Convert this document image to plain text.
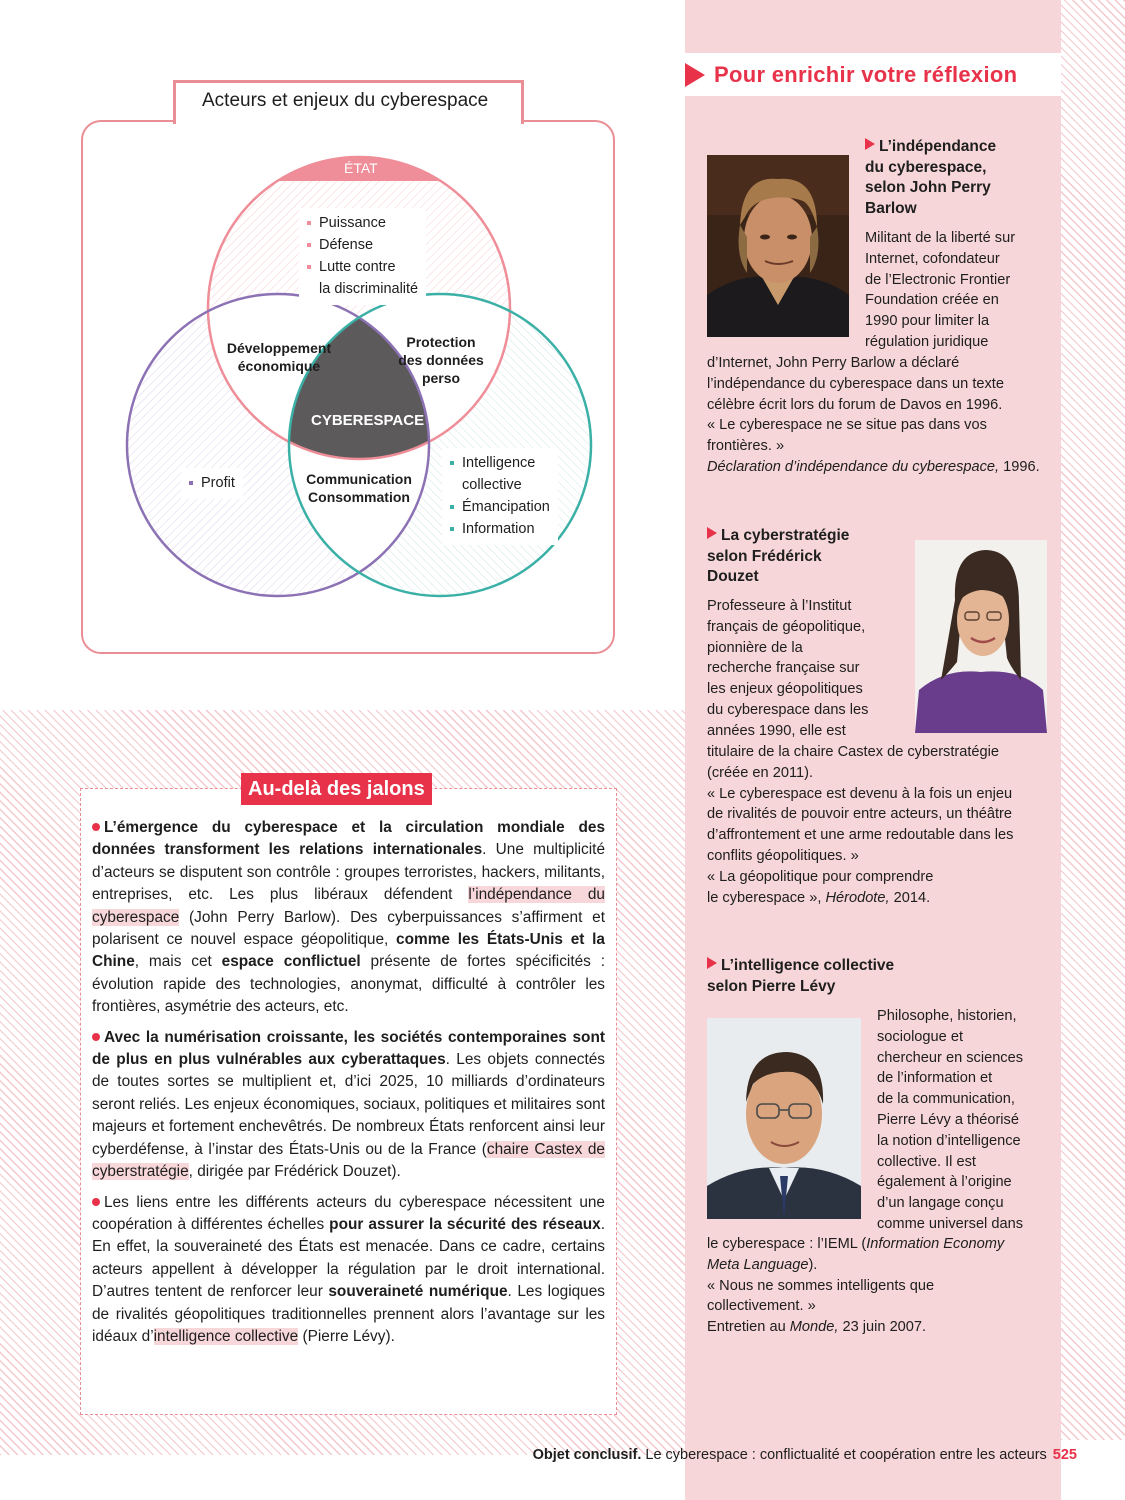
Pour enrichir votre réflexion
L’indépendance
du cyberespace,
selon John Perry
Barlow
Militant de la liberté sur
Internet, cofondateur
de l’Electronic Frontier
Foundation créée en
1990 pour limiter la
régulation juridique
d’Internet, John Perry Barlow a déclaré
l’indépendance du cyberespace dans un texte
célèbre écrit lors du forum de Davos en 1996.
« Le cyberespace ne se situe pas dans vos
frontières. »
Déclaration d’indépendance du cyberespace, 1996.
La cyberstratégie
selon Frédérick
Douzet
Professeure à l’Institut
français de géopolitique,
pionnière de la
recherche française sur
les enjeux géopolitiques
du cyberespace dans les
années 1990, elle est
titulaire de la chaire Castex de cyberstratégie
(créée en 2011).
« Le cyberespace est devenu à la fois un enjeu
de rivalités de pouvoir entre acteurs, un théâtre
d’affrontement et une arme redoutable dans les
conflits géopolitiques. »
« La géopolitique pour comprendre
le cyberespace », Hérodote, 2014.
L’intelligence collective
selon Pierre Lévy
Philosophe, historien,
sociologue et
chercheur en sciences
de l’information et
de la communication,
Pierre Lévy a théorisé
la notion d’intelligence
collective. Il est
également à l’origine
d’un langage conçu
comme universel dans
le cyberespace : l’IEML (Information Economy
Meta Language).
« Nous ne sommes intelligents que
collectivement. »
Entretien au Monde, 23 juin 2007.
Acteurs et enjeux du cyberespace
ÉTAT
ENTREPRISE	INDIVIDU
CYBERESPACE
Puissance
Défense
Lutte contre
la discriminalité
Profit
Intelligence
collective
Émancipation
Information
Développement
économique
Protection
des données
perso
Communication
Consommation
Au-delà des jalons

L’émergence du cyberespace et la circulation mondiale des données transforment les relations internationales. Une multiplicité d’acteurs se disputent son contrôle : groupes terroristes, hackers, militants, entreprises, etc. Les plus libéraux défendent l’indépendance du cyberespace (John Perry Barlow). Des cyberpuissances s’affirment et polarisent ce nouvel espace géopolitique, comme les États-Unis et la Chine, mais cet espace conflictuel présente de fortes spécificités : évolution rapide des technologies, anonymat, difficulté à contrôler les frontières, asymétrie des acteurs, etc.

Avec la numérisation croissante, les sociétés contemporaines sont de plus en plus vulnérables aux cyberattaques. Les objets connectés de toutes sortes se multiplient et, d’ici 2025, 10 milliards d’ordinateurs seront reliés. Les enjeux économiques, sociaux, politiques et militaires sont majeurs et fortement enchevêtrés. De nombreux États renforcent ainsi leur cyberdéfense, à l’instar des États-Unis ou de la France (chaire Castex de cyberstratégie, dirigée par Frédérick Douzet).

Les liens entre les différents acteurs du cyberespace nécessitent une coopération à différentes échelles pour assurer la sécurité des réseaux. En effet, la souveraineté des États est menacée. Dans ce cadre, certains acteurs appellent à développer la régulation par le droit international. D’autres tentent de renforcer leur souveraineté numérique. Les logiques de rivalités géopolitiques traditionnelles prennent alors l’avantage sur les idéaux d’intelligence collective (Pierre Lévy).

Objet conclusif. Le cyberespace : conflictualité et coopération entre les acteurs 525
